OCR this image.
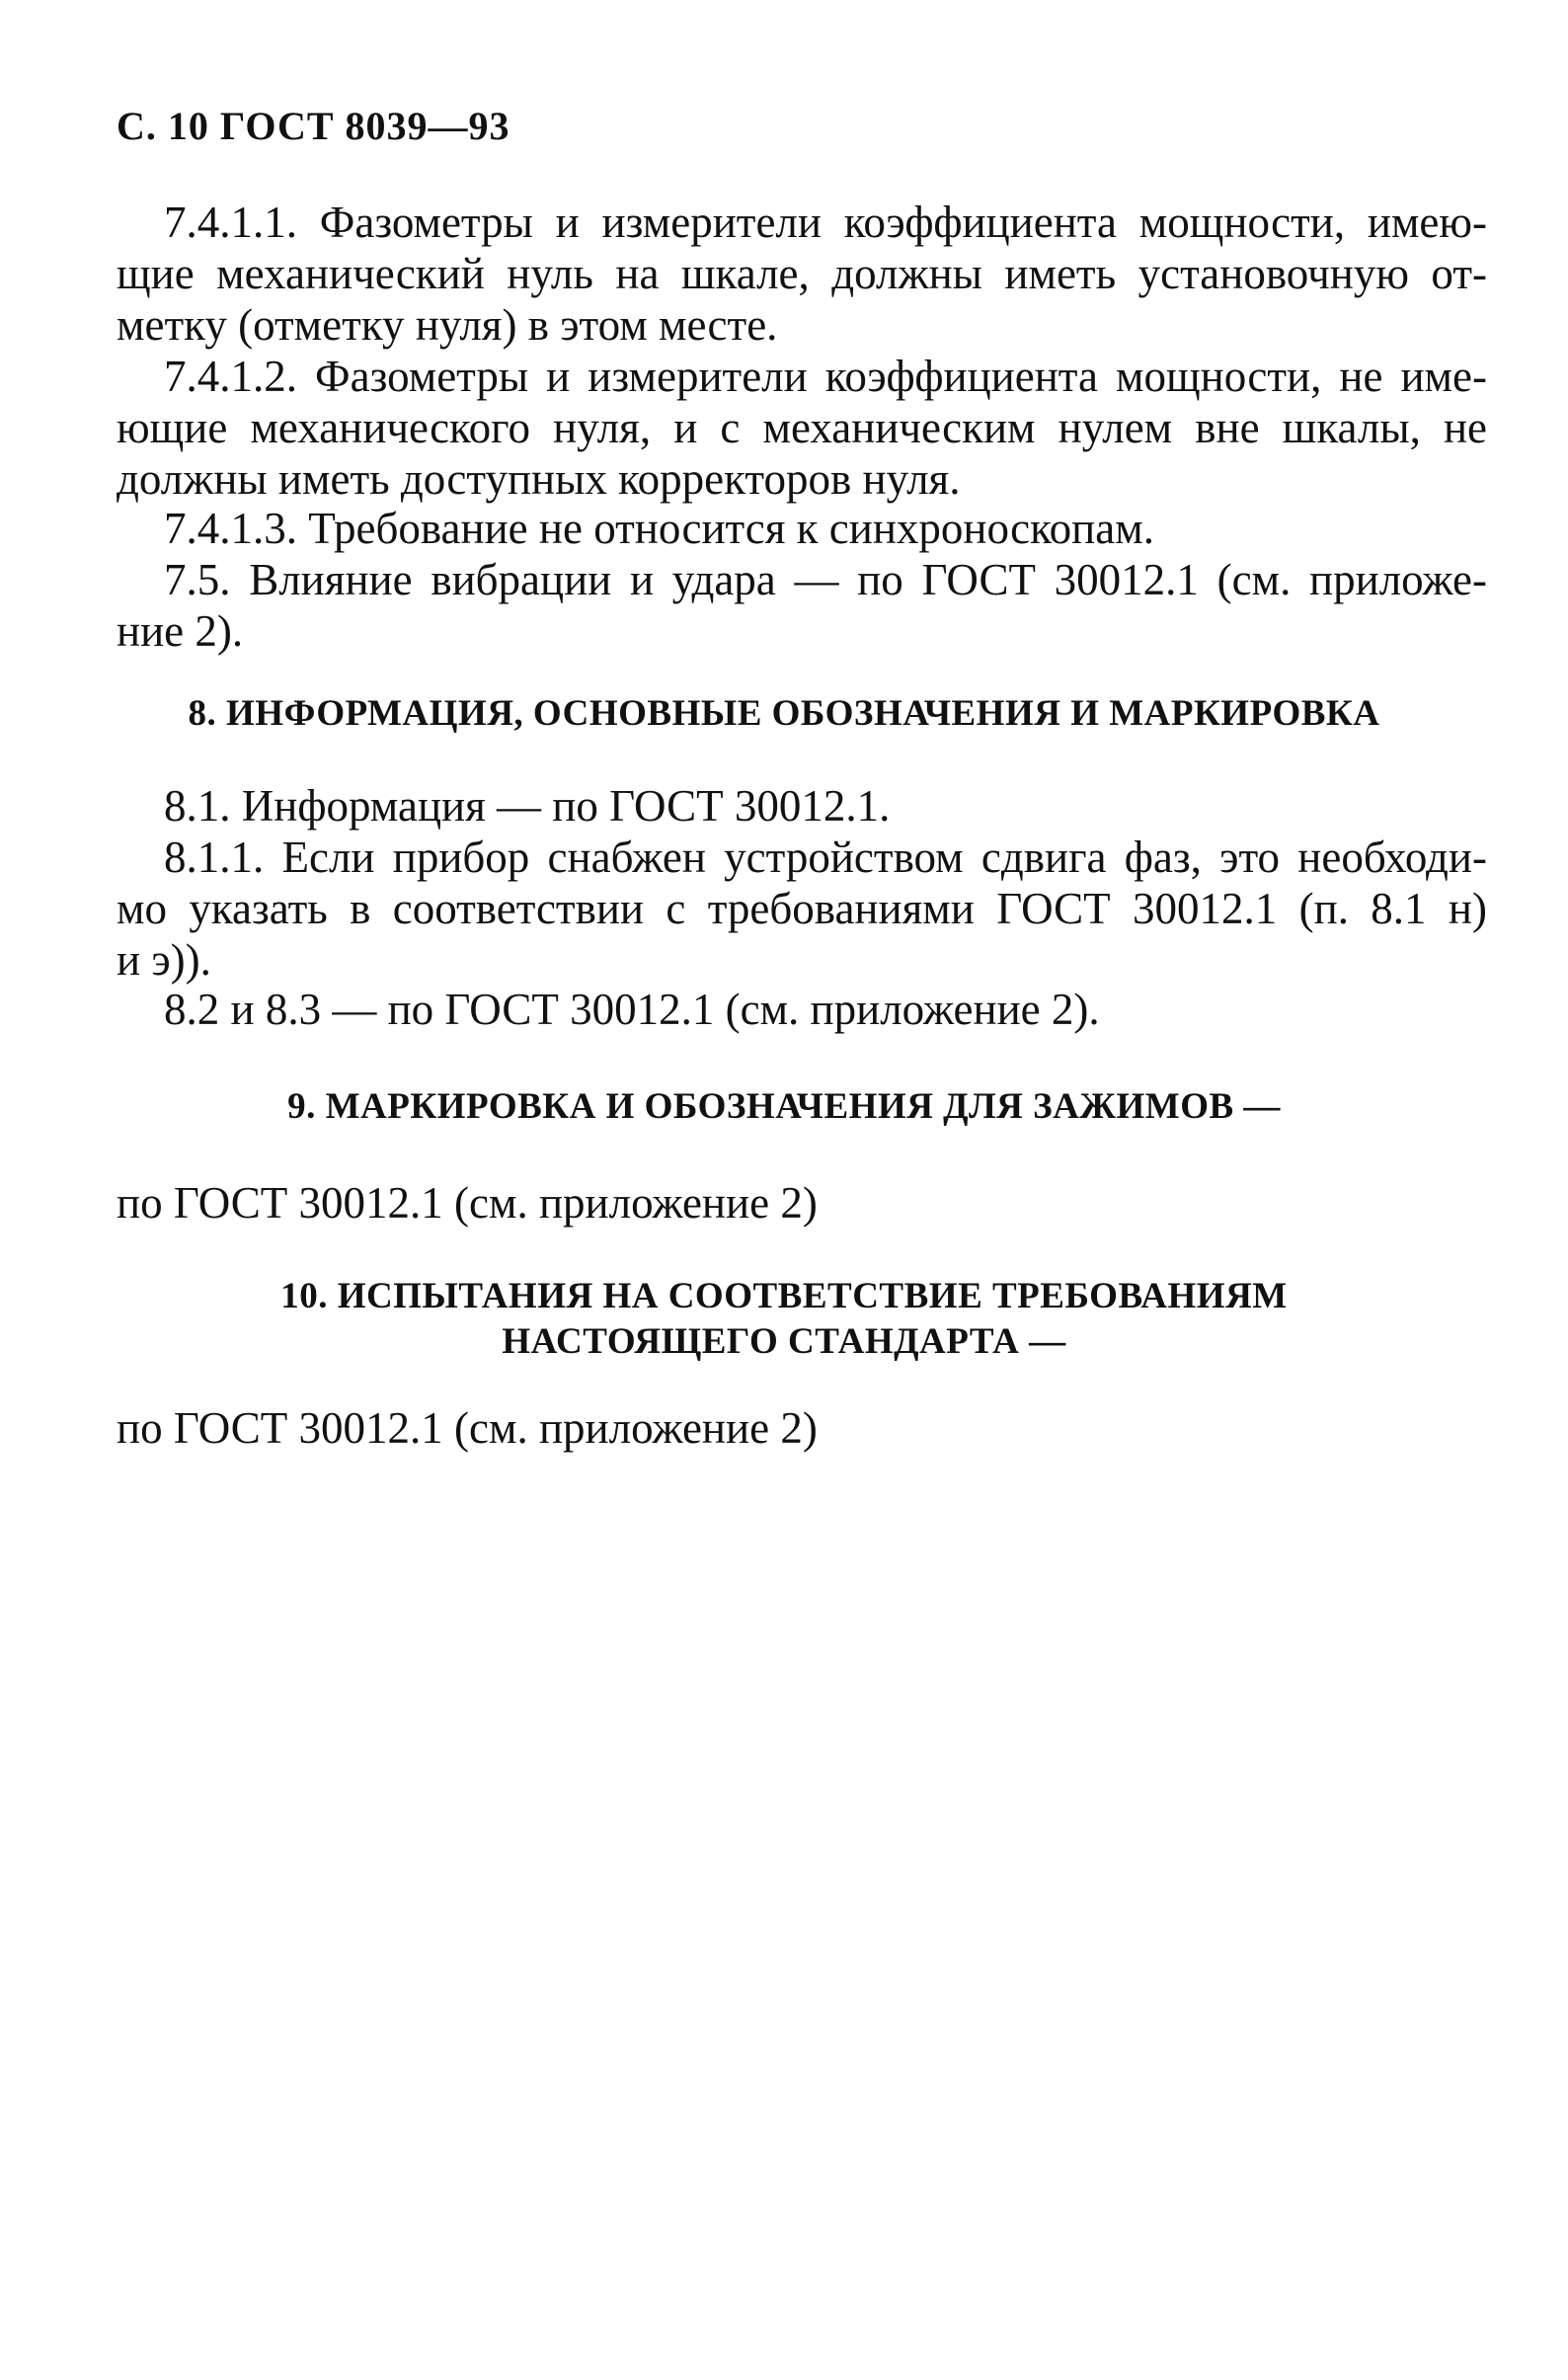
С. 10 ГОСТ 8039—93
7.4.1.1. Фазометры и измерители коэффициента мощности, имею-
щие механический нуль на шкале, должны иметь установочную от-
метку (отметку нуля) в этом месте.
7.4.1.2. Фазометры и измерители коэффициента мощности, не име-
ющие механического нуля, и с механическим нулем вне шкалы, не
должны иметь доступных корректоров нуля.
7.4.1.3. Требование не относится к синхроноскопам.
7.5. Влияние вибрации и удара — по ГОСТ 30012.1 (см. приложе-
ние 2).
8. ИНФОРМАЦИЯ, ОСНОВНЫЕ ОБОЗНАЧЕНИЯ И МАРКИРОВКА
8.1. Информация — по ГОСТ 30012.1.
8.1.1. Если прибор снабжен устройством сдвига фаз, это необходи-
мо указать в соответствии с требованиями ГОСТ 30012.1 (п. 8.1 н)
и э)).
8.2 и 8.3 — по ГОСТ 30012.1 (см. приложение 2).
9. МАРКИРОВКА И ОБОЗНАЧЕНИЯ ДЛЯ ЗАЖИМОВ —
по ГОСТ 30012.1 (см. приложение 2)
10. ИСПЫТАНИЯ НА СООТВЕТСТВИЕ ТРЕБОВАНИЯМ
НАСТОЯЩЕГО СТАНДАРТА —
по ГОСТ 30012.1 (см. приложение 2)
